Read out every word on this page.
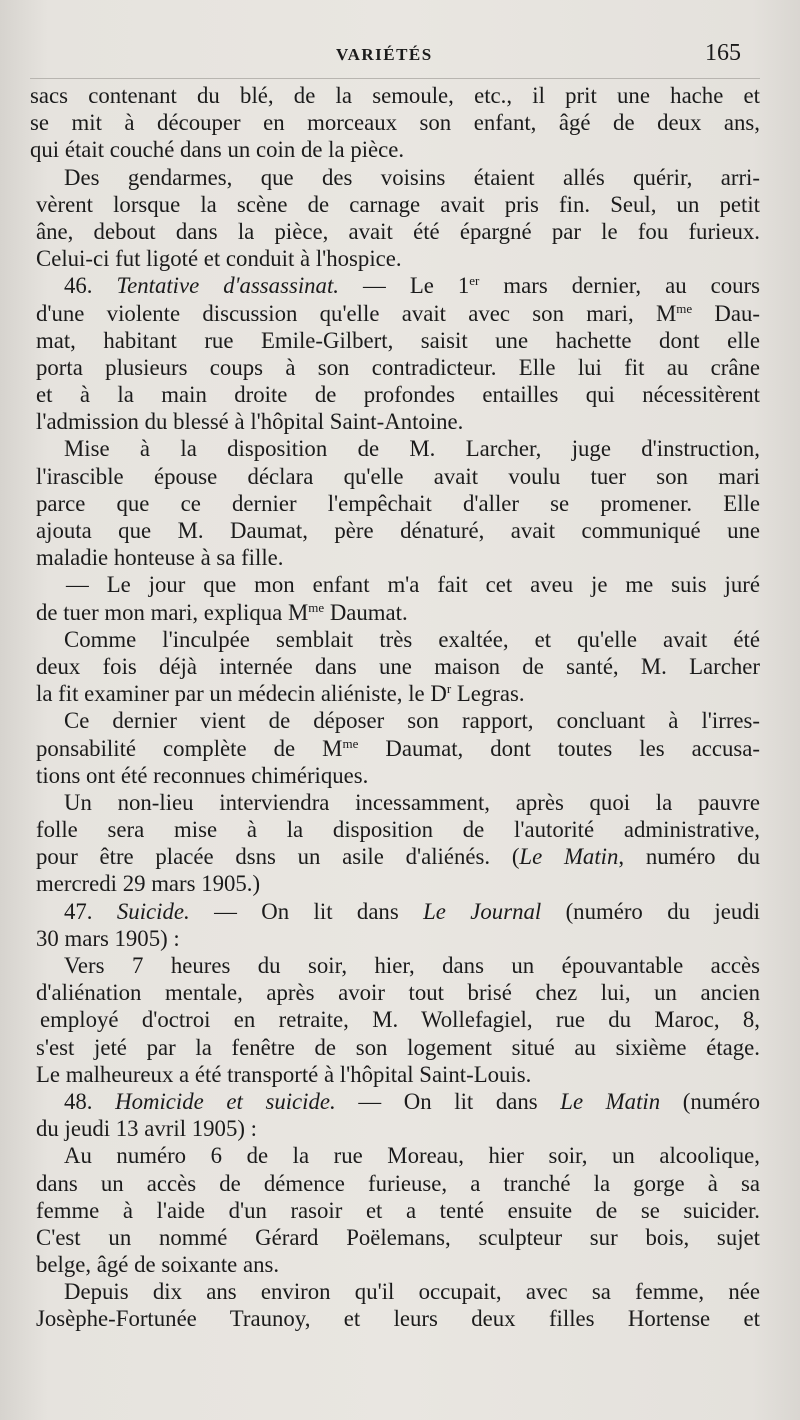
VARIÉTÉS	165
sacs contenant du blé, de la semoule, etc., il prit une hache et
se mit à découper en morceaux son enfant, âgé de deux ans,
qui était couché dans un coin de la pièce.
Des gendarmes, que des voisins étaient allés quérir, arri-
vèrent lorsque la scène de carnage avait pris fin. Seul, un petit
âne, debout dans la pièce, avait été épargné par le fou furieux.
Celui-ci fut ligoté et conduit à l'hospice.
46. Tentative d'assassinat. — Le 1er mars dernier, au cours
d'une violente discussion qu'elle avait avec son mari, $M^{me}$ Dau-
mat, habitant rue Emile-Gilbert, saisit une hachette dont elle
porta plusieurs coups à son contradicteur. Elle lui fit au crâne
et à la main droite de profondes entailles qui nécessitèrent
l'admission du blessé à l'hôpital Saint-Antoine.
Mise à la disposition de M. Larcher, juge d'instruction,
l'irascible épouse déclara qu'elle avait voulu tuer son mari
parce que ce dernier l'empêchait d'aller se promener. Elle
ajouta que M. Daumat, père dénaturé, avait communiqué une
maladie honteuse à sa fille.
— Le jour que mon enfant m'a fait cet aveu je me suis juré
de tuer mon mari, expliqua $M^{me}$ Daumat.
Comme l'inculpée semblait très exaltée, et qu'elle avait été
deux fois déjà internée dans une maison de santé, M. Larcher
la fit examiner par un médecin aliéniste, le $D^r$ Legras.
Ce dernier vient de déposer son rapport, concluant à l'irres-
ponsabilité complète de $M^{me}$ Daumat, dont toutes les accusa-
tions ont été reconnues chimériques.
Un non-lieu interviendra incessamment, après quoi la pauvre
folle sera mise à la disposition de l'autorité administrative,
pour être placée dsns un asile d'aliénés. (Le Matin, numéro du
mercredi 29 mars 1905.)
47. Suicide. — On lit dans Le Journal (numéro du jeudi
30 mars 1905) :
Vers 7 heures du soir, hier, dans un épouvantable accès
d'aliénation mentale, après avoir tout brisé chez lui, un ancien
employé d'octroi en retraite, M. Wollefagiel, rue du Maroc, 8,
s'est jeté par la fenêtre de son logement situé au sixième étage.
Le malheureux a été transporté à l'hôpital Saint-Louis.
48. Homicide et suicide. — On lit dans Le Matin (numéro
du jeudi 13 avril 1905) :
Au numéro 6 de la rue Moreau, hier soir, un alcoolique,
dans un accès de démence furieuse, a tranché la gorge à sa
femme à l'aide d'un rasoir et a tenté ensuite de se suicider.
C'est un nommé Gérard Poëlemans, sculpteur sur bois, sujet
belge, âgé de soixante ans.
Depuis dix ans environ qu'il occupait, avec sa femme, née
Josèphe-Fortunée Traunoy, et leurs deux filles Hortense et
